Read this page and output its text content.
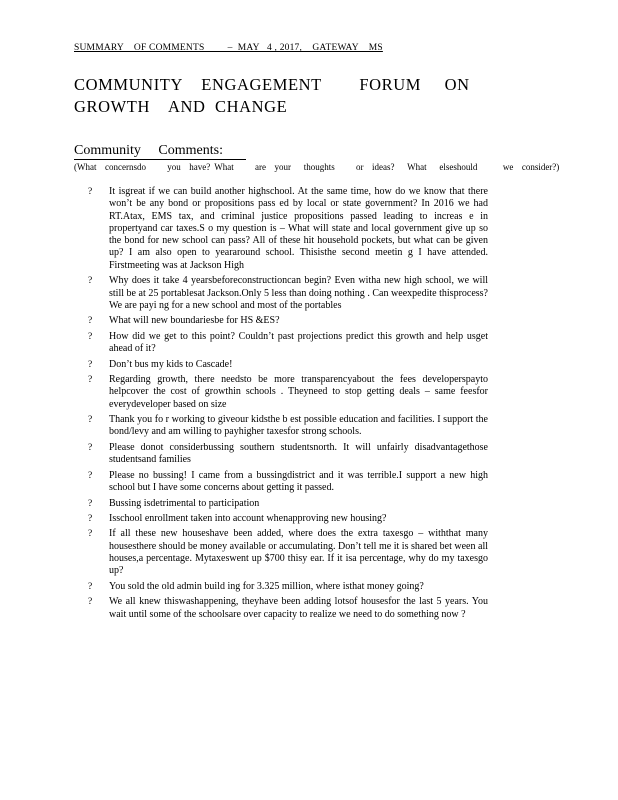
SUMMARY    OF COMMENTS         –  MAY   4 , 2017,    GATEWAY    MS
COMMUNITY    ENGAGEMENT        FORUM     ON
GROWTH    AND  CHANGE
Community     Comments:
(What  concernsdo     you  have? What     are  your   thoughts     or  ideas?   What   elseshould      we  consider?)
? It isgreat if we can build another highschool. At the same time, how do we know that there won’t be any bond or propositions pass ed by local or state government? In 2016 we had RT.Atax, EMS tax, and criminal justice propositions passed leading to increas e in propertyand car taxes.S o my question is – What will state and local government give up so the bond for new school can pass? All of these hit household pockets, but what can be given up? I am also open to yeararound school. Thisisthe second meetin g I have attended. Firstmeeting was at Jackson High
? Why does it take 4 yearsbeforeconstructioncan begin? Even witha new high school, we will still be at 25 portablesat Jackson.Only 5 less than doing nothing . Can weexpedite thisprocess? We are payi ng for a new school and most of the portables
? What will new boundariesbe for HS &ES?
? How did we get to this point? Couldn’t past projections predict this growth and help usget ahead of it?
? Don’t bus my kids to Cascade!
? Regarding growth, there needsto be more transparencyabout the fees developerspayto helpcover the cost of growthin schools . Theyneed to stop getting deals – same feesfor everydeveloper based on size
? Thank you fo r working to giveour kidsthe b est possible education and facilities. I support the bond/levy and am willing to payhigher taxesfor strong schools.
? Please donot considerbussing southern studentsnorth. It will unfairly disadvantagethose studentsand families
? Please no bussing! I came from a bussingdistrict and it was terrible.I support a new high school but I have some concerns about getting it passed.
? Bussing isdetrimental to participation
? Isschool enrollment taken into account whenapproving new housing?
? If all these new houseshave been added, where does the extra taxesgo – withthat many housesthere should be money available or accumulating. Don’t tell me it is shared bet ween all houses,a percentage. Mytaxeswent up $700 thisy ear. If it isa percentage, why do my taxesgo up?
? You sold the old admin build ing for 3.325 million, where isthat money going?
? We all knew thiswashappening, theyhave been adding lotsof housesfor the last 5 years. You wait until some of the schoolsare over capacity to realize we need to do something now ?
